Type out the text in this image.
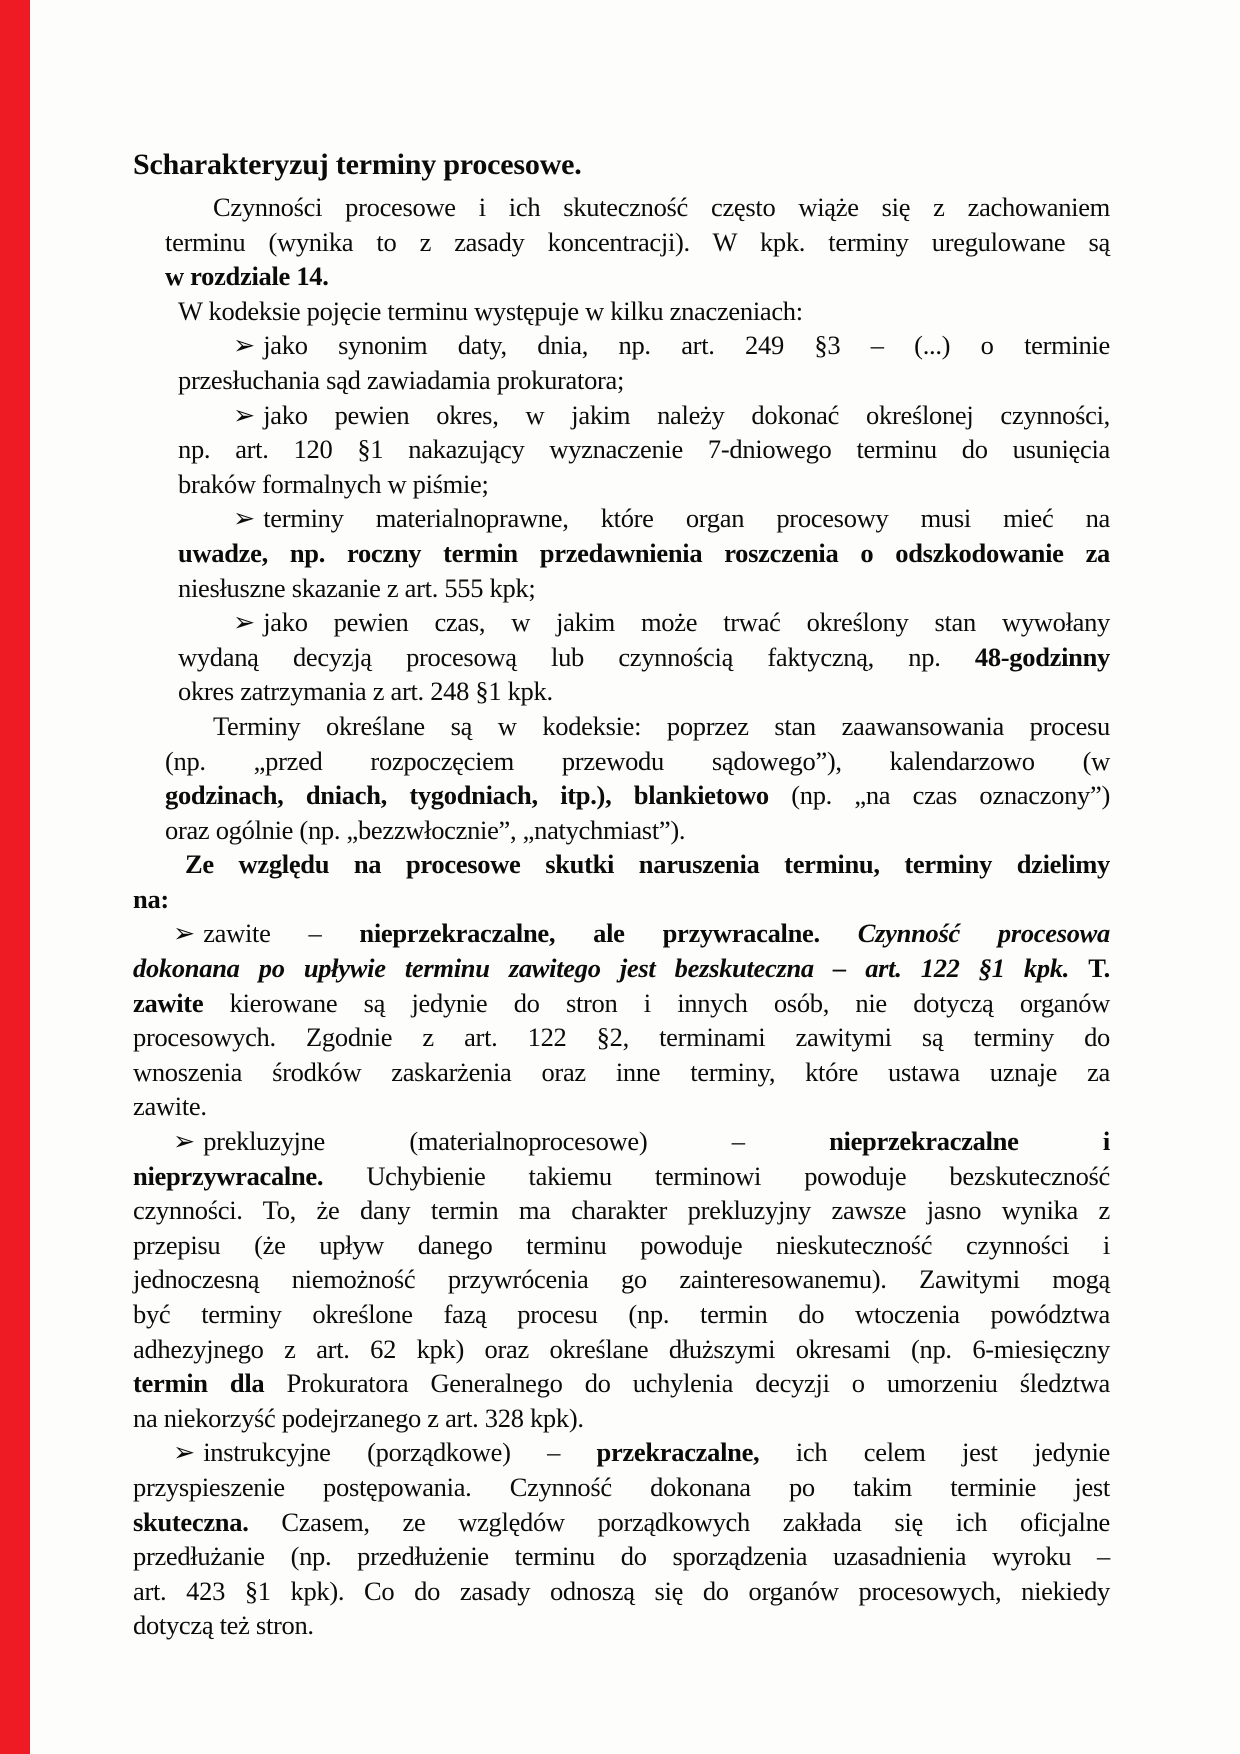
Scharakteryzuj terminy procesowe.
Czynności procesowe i ich skuteczność często wiąże się z zachowaniem
terminu (wynika to z zasady koncentracji). W kpk. terminy uregulowane są
w rozdziale 14.
W kodeksie pojęcie terminu występuje w kilku znaczeniach:
➢ jako synonim daty, dnia, np. art. 249 §3 – (...) o terminie
przesłuchania sąd zawiadamia prokuratora;
➢ jako pewien okres, w jakim należy dokonać określonej czynności,
np. art. 120 §1 nakazujący wyznaczenie 7-dniowego terminu do usunięcia
braków formalnych w piśmie;
➢ terminy materialnoprawne, które organ procesowy musi mieć na
uwadze, np. roczny termin przedawnienia roszczenia o odszkodowanie za
niesłuszne skazanie z art. 555 kpk;
➢ jako pewien czas, w jakim może trwać określony stan wywołany
wydaną decyzją procesową lub czynnością faktyczną, np. 48-godzinny
okres zatrzymania z art. 248 §1 kpk.
Terminy określane są w kodeksie: poprzez stan zaawansowania procesu
(np. „przed rozpoczęciem przewodu sądowego”), kalendarzowo (w
godzinach, dniach, tygodniach, itp.), blankietowo (np. „na czas oznaczony”)
oraz ogólnie (np. „bezzwłocznie”, „natychmiast”).
Ze względu na procesowe skutki naruszenia terminu, terminy dzielimy
na:
➢ zawite – nieprzekraczalne, ale przywracalne. Czynność procesowa
dokonana po upływie terminu zawitego jest bezskuteczna – art. 122 §1 kpk. T.
zawite kierowane są jedynie do stron i innych osób, nie dotyczą organów
procesowych. Zgodnie z art. 122 §2, terminami zawitymi są terminy do
wnoszenia środków zaskarżenia oraz inne terminy, które ustawa uznaje za
zawite.
➢ prekluzyjne (materialnoprocesowe) – nieprzekraczalne i
nieprzywracalne. Uchybienie takiemu terminowi powoduje bezskuteczność
czynności. To, że dany termin ma charakter prekluzyjny zawsze jasno wynika z
przepisu (że upływ danego terminu powoduje nieskuteczność czynności i
jednoczesną niemożność przywrócenia go zainteresowanemu). Zawitymi mogą
być terminy określone fazą procesu (np. termin do wtoczenia powództwa
adhezyjnego z art. 62 kpk) oraz określane dłuższymi okresami (np. 6-miesięczny
termin dla Prokuratora Generalnego do uchylenia decyzji o umorzeniu śledztwa
na niekorzyść podejrzanego z art. 328 kpk).
➢ instrukcyjne (porządkowe) – przekraczalne, ich celem jest jedynie
przyspieszenie postępowania. Czynność dokonana po takim terminie jest
skuteczna. Czasem, ze względów porządkowych zakłada się ich oficjalne
przedłużanie (np. przedłużenie terminu do sporządzenia uzasadnienia wyroku –
art. 423 §1 kpk). Co do zasady odnoszą się do organów procesowych, niekiedy
dotyczą też stron.
